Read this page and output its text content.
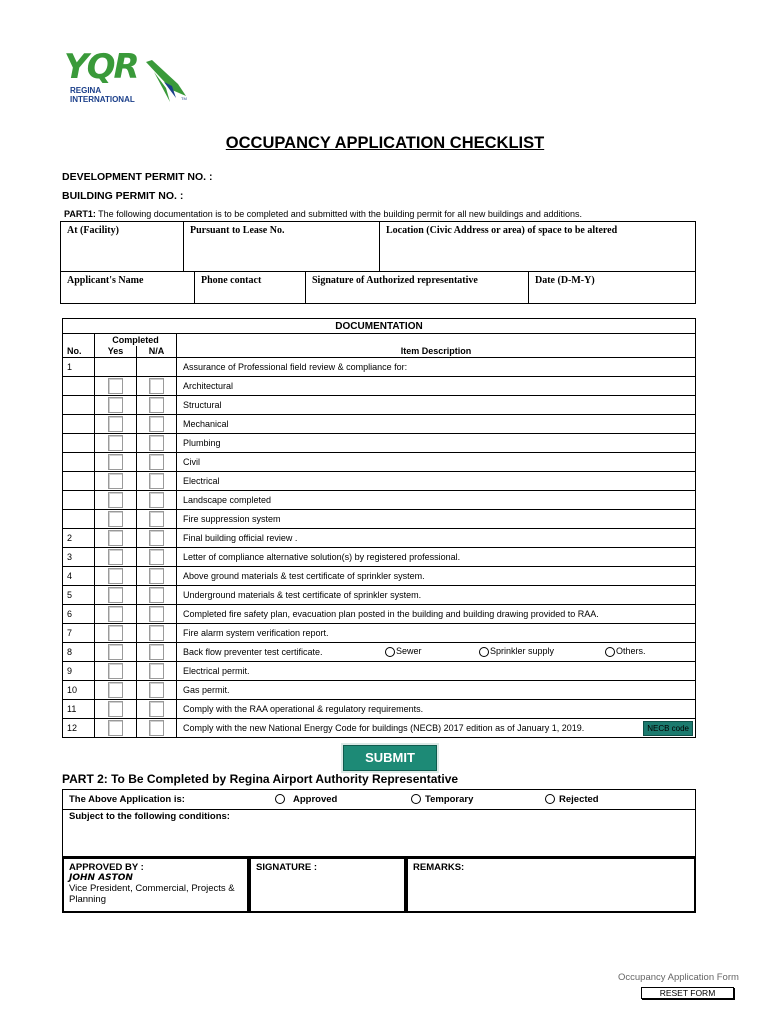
YQR
REGINA
INTERNATIONAL	TM
OCCUPANCY APPLICATION CHECKLIST
DEVELOPMENT PERMIT NO. :
BUILDING PERMIT NO. :
PART1: The following documentation is to be completed and submitted with the building permit for all new buildings and additions.
At (Facility)	Pursuant to Lease No.	Location (Civic Address or area) of space to be altered
Applicant's Name	Phone contact	Signature of Authorized representative	Date (D-M-Y)
DOCUMENTATION			
	Completed		
No.	Yes	N/A	Item Description
1			Assurance of Professional field review & compliance for:
			Architectural
			Structural
			Mechanical
			Plumbing
			Civil
			Electrical
			Landscape completed
			Fire suppression system
2			Final building official review .
3			Letter of compliance alternative solution(s) by registered professional.
4			Above ground materials & test certificate of sprinkler system.
5			Underground materials & test certificate of sprinkler system.
6			Completed fire safety plan, evacuation plan posted in the building and building drawing provided to RAA.
7			Fire alarm system verification report.
8			Back flow preventer test certificate. Sewer Sprinkler supply Others.

9			Electrical permit.
10			Gas permit.
11			Comply with the RAA operational & regulatory requirements.
12			Comply with the new National Energy Code for buildings (NECB) 2017 edition as of January 1, 2019. NECB code
SUBMIT
PART 2: To Be Completed by Regina Airport Authority Representative
The Above Application is:	Approved	Temporary	Rejected
Subject to the following conditions:
APPROVED BY :
JOHN ASTON
Vice President, Commercial, Projects & Planning
SIGNATURE :	REMARKS:
Occupancy Application Form
RESET FORM
